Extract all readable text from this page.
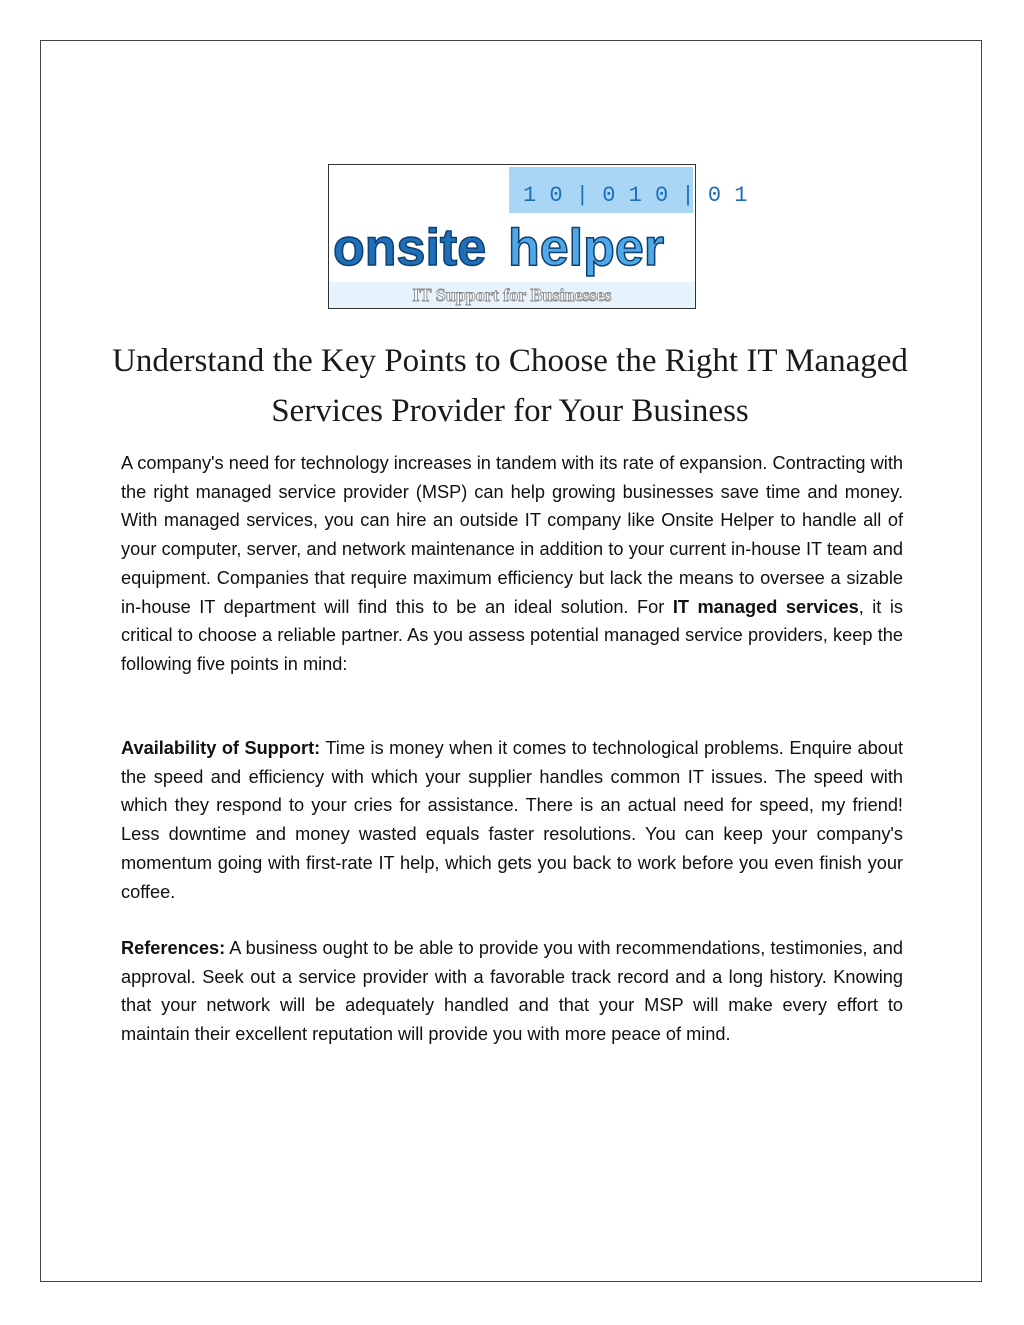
1 0 | 0 1 0 | 0 1
onsite helper
IT Support for Businesses
Understand the Key Points to Choose the Right IT Managed Services Provider for Your Business

A company's need for technology increases in tandem with its rate of expansion. Contracting with the right managed service provider (MSP) can help growing businesses save time and money. With managed services, you can hire an outside IT company like Onsite Helper to handle all of your computer, server, and network maintenance in addition to your current in-house IT team and equipment. Companies that require maximum efficiency but lack the means to oversee a sizable in-house IT department will find this to be an ideal solution. For IT managed services, it is critical to choose a reliable partner. As you assess potential managed service providers, keep the following five points in mind:

Availability of Support: Time is money when it comes to technological problems. Enquire about the speed and efficiency with which your supplier handles common IT issues. The speed with which they respond to your cries for assistance. There is an actual need for speed, my friend! Less downtime and money wasted equals faster resolutions. You can keep your company's momentum going with first-rate IT help, which gets you back to work before you even finish your coffee.

References: A business ought to be able to provide you with recommendations, testimonies, and approval. Seek out a service provider with a favorable track record and a long history. Knowing that your network will be adequately handled and that your MSP will make every effort to maintain their excellent reputation will provide you with more peace of mind.
